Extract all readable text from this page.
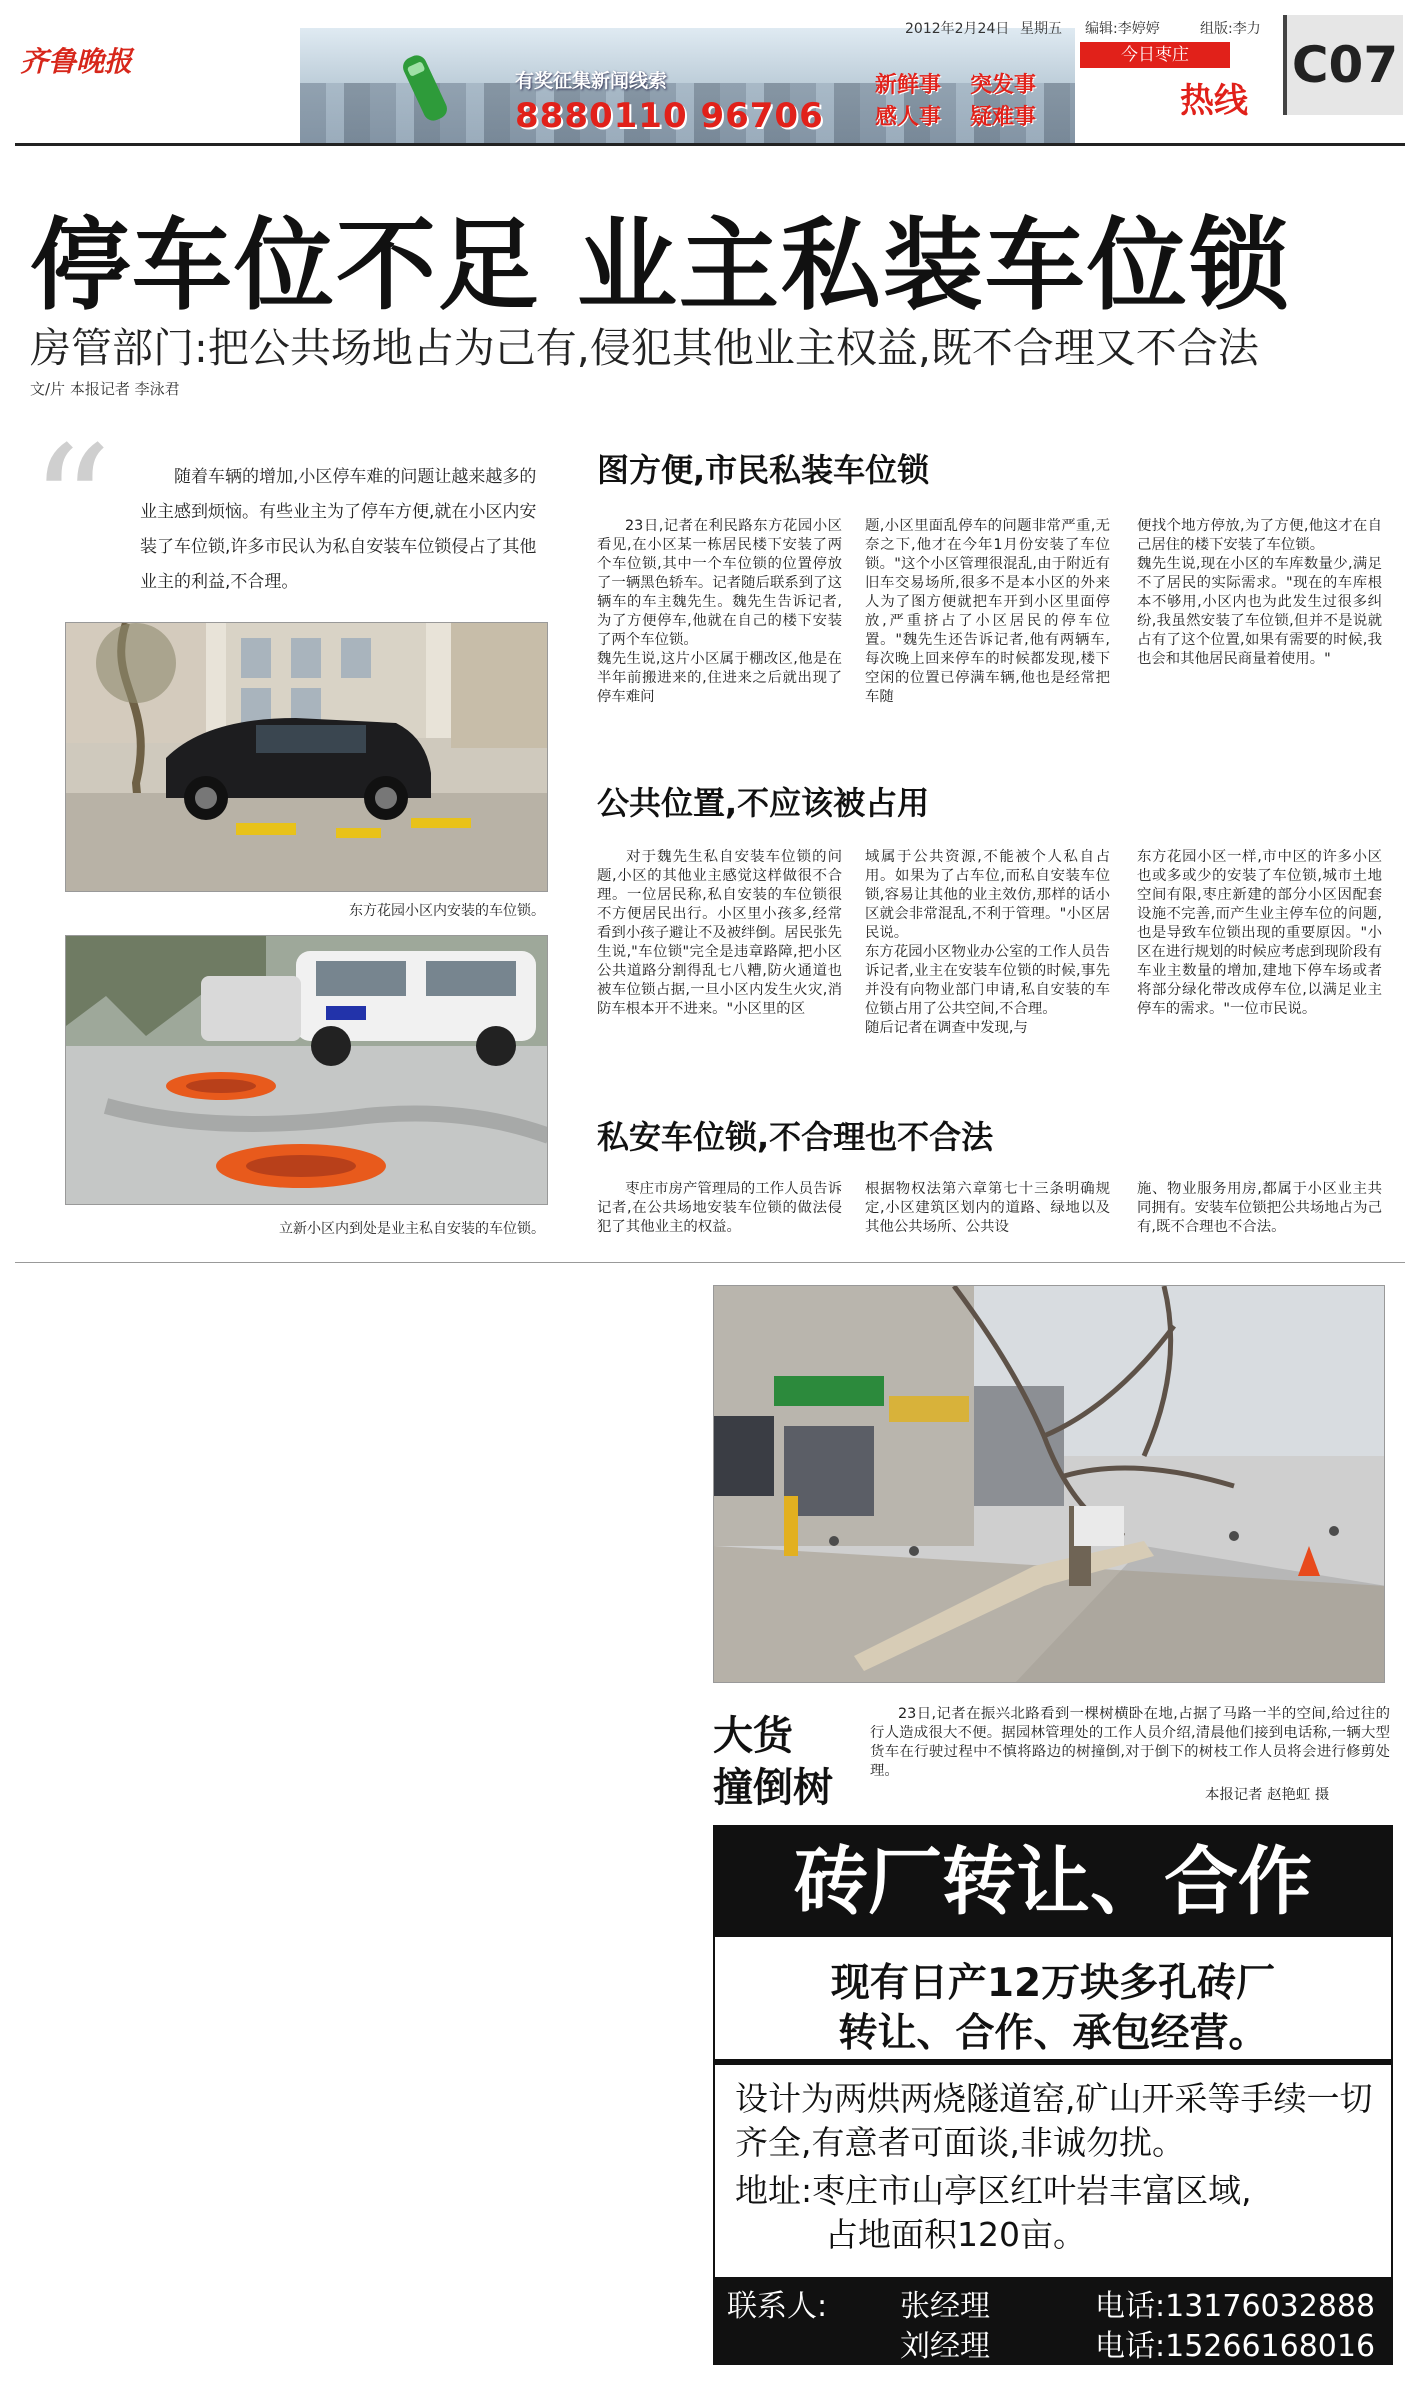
齐鲁晚报
有奖征集新闻线索
8880110 96706
新鲜事 突发事
感人事 疑难事
2012年2月24日 星期五 编辑:李婷婷	组版:李力
今日枣庄
热线
C07
停车位不足 业主私装车位锁
房管部门:把公共场地占为己有,侵犯其他业主权益,既不合理又不合法
文/片 本报记者 李泳君
“	随着车辆的增加,小区停车难的问题让越来越多的业主感到烦恼。有些业主为了停车方便,就在小区内安装了车位锁,许多市民认为私自安装车位锁侵占了其他业主的利益,不合理。
东方花园小区内安装的车位锁。
立新小区内到处是业主私自安装的车位锁。
图方便,市民私装车位锁
23日,记者在利民路东方花园小区看见,在小区某一栋居民楼下安装了两个车位锁,其中一个车位锁的位置停放了一辆黑色轿车。记者随后联系到了这辆车的车主魏先生。魏先生告诉记者,为了方便停车,他就在自己的楼下安装了两个车位锁。
魏先生说,这片小区属于棚改区,他是在半年前搬进来的,住进来之后就出现了停车难问
题,小区里面乱停车的问题非常严重,无奈之下,他才在今年1月份安装了车位锁。"这个小区管理很混乱,由于附近有旧车交易场所,很多不是本小区的外来人为了图方便就把车开到小区里面停放,严重挤占了小区居民的停车位置。"魏先生还告诉记者,他有两辆车,每次晚上回来停车的时候都发现,楼下空闲的位置已停满车辆,他也是经常把车随
便找个地方停放,为了方便,他这才在自己居住的楼下安装了车位锁。
魏先生说,现在小区的车库数量少,满足不了居民的实际需求。"现在的车库根本不够用,小区内也为此发生过很多纠纷,我虽然安装了车位锁,但并不是说就占有了这个位置,如果有需要的时候,我也会和其他居民商量着使用。"
公共位置,不应该被占用
对于魏先生私自安装车位锁的问题,小区的其他业主感觉这样做很不合理。一位居民称,私自安装的车位锁很不方便居民出行。小区里小孩多,经常看到小孩子避让不及被绊倒。居民张先生说,"车位锁"完全是违章路障,把小区公共道路分割得乱七八糟,防火通道也被车位锁占据,一旦小区内发生火灾,消防车根本开不进来。"小区里的区
域属于公共资源,不能被个人私自占用。如果为了占车位,而私自安装车位锁,容易让其他的业主效仿,那样的话小区就会非常混乱,不利于管理。"小区居民说。
东方花园小区物业办公室的工作人员告诉记者,业主在安装车位锁的时候,事先并没有向物业部门申请,私自安装的车位锁占用了公共空间,不合理。
随后记者在调查中发现,与
东方花园小区一样,市中区的许多小区也或多或少的安装了车位锁,城市土地空间有限,枣庄新建的部分小区因配套设施不完善,而产生业主停车位的问题,也是导致车位锁出现的重要原因。"小区在进行规划的时候应考虑到现阶段有车业主数量的增加,建地下停车场或者将部分绿化带改成停车位,以满足业主停车的需求。"一位市民说。
私安车位锁,不合理也不合法
枣庄市房产管理局的工作人员告诉记者,在公共场地安装车位锁的做法侵犯了其他业主的权益。
根据物权法第六章第七十三条明确规定,小区建筑区划内的道路、绿地以及其他公共场所、公共设
施、物业服务用房,都属于小区业主共同拥有。安装车位锁把公共场地占为己有,既不合理也不合法。
大货
撞倒树
23日,记者在振兴北路看到一棵树横卧在地,占据了马路一半的空间,给过往的行人造成很大不便。据园林管理处的工作人员介绍,清晨他们接到电话称,一辆大型货车在行驶过程中不慎将路边的树撞倒,对于倒下的树枝工作人员将会进行修剪处理。
本报记者 赵艳虹 摄
砖厂转让、合作
现有日产12万块多孔砖厂
转让、合作、承包经营。
设计为两烘两烧隧道窑,矿山开采等手续一切齐全,有意者可面谈,非诚勿扰。
地址:枣庄市山亭区红叶岩丰富区域,
占地面积120亩。
联系人: 张经理	电话:13176032888
刘经理	电话:15266168016
